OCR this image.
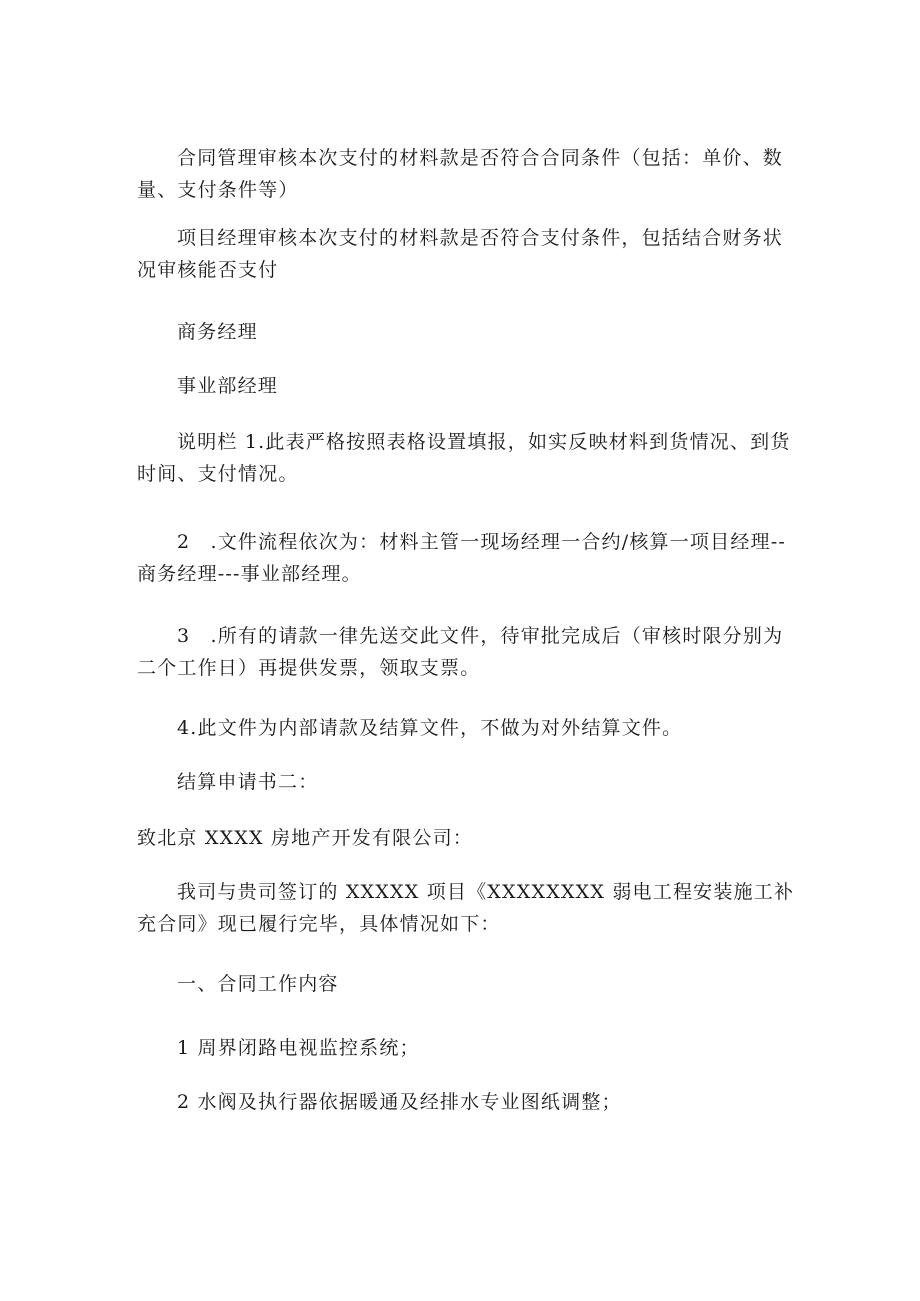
合同管理审核本次支付的材料款是否符合合同条件（包括：单价、数量、支付条件等）

项目经理审核本次支付的材料款是否符合支付条件，包括结合财务状况审核能否支付

商务经理

事业部经理

说明栏 1.此表严格按照表格设置填报，如实反映材料到货情况、到货时间、支付情况。

2　.文件流程依次为：材料主管一现场经理一合约/核算一项目经理--商务经理---事业部经理。

3　.所有的请款一律先送交此文件，待审批完成后（审核时限分别为二个工作日）再提供发票，领取支票。

4.此文件为内部请款及结算文件，不做为对外结算文件。

结算申请书二：

致北京 XXXX 房地产开发有限公司：

我司与贵司签订的 XXXXX 项目《XXXXXXXX 弱电工程安装施工补充合同》现已履行完毕，具体情况如下：

一、合同工作内容

1 周界闭路电视监控系统；

2 水阀及执行器依据暖通及经排水专业图纸调整；
